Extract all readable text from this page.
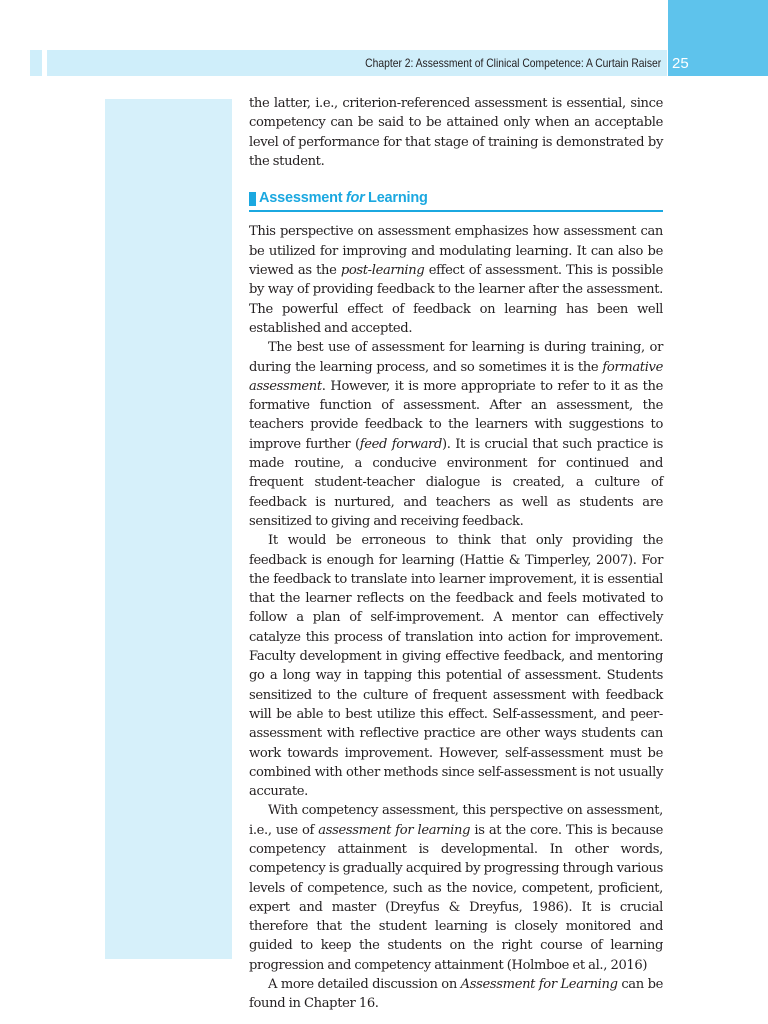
Chapter 2: Assessment of Clinical Competence: A Curtain Raiser 25

the latter, i.e., criterion-referenced assessment is essential, since competency can be said to be attained only when an acceptable level of performance for that stage of training is demonstrated by the student.

Assessment for Learning

This perspective on assessment emphasizes how assessment can be utilized for improving and modulating learning. It can also be viewed as the post-learning effect of assessment. This is possible by way of providing feedback to the learner after the assessment. The powerful effect of feedback on learning has been well established and accepted.

The best use of assessment for learning is during training, or during the learning process, and so sometimes it is the formative assessment. However, it is more appropriate to refer to it as the formative function of assessment. After an assessment, the teachers provide feedback to the learners with suggestions to improve further (feed forward). It is crucial that such practice is made routine, a conducive environment for continued and frequent student-teacher dialogue is created, a culture of feedback is nurtured, and teachers as well as students are sensitized to giving and receiving feedback.

It would be erroneous to think that only providing the feedback is enough for learning (Hattie & Timperley, 2007). For the feedback to translate into learner improvement, it is essential that the learner reflects on the feedback and feels motivated to follow a plan of self-improvement. A mentor can effectively catalyze this process of translation into action for improvement. Faculty development in giving effective feedback, and mentoring go a long way in tapping this potential of assessment. Students sensitized to the culture of frequent assessment with feedback will be able to best utilize this effect. Self-assessment, and peer-assessment with reflective practice are other ways students can work towards improvement. However, self-assessment must be combined with other methods since self-assessment is not usually accurate.

With competency assessment, this perspective on assessment, i.e., use of assessment for learning is at the core. This is because competency attainment is developmental. In other words, competency is gradually acquired by progressing through various levels of competence, such as the novice, competent, proficient, expert and master (Dreyfus & Dreyfus, 1986). It is crucial therefore that the student learning is closely monitored and guided to keep the students on the right course of learning progression and competency attainment (Holmboe et al., 2016)

A more detailed discussion on Assessment for Learning can be found in Chapter 16.
